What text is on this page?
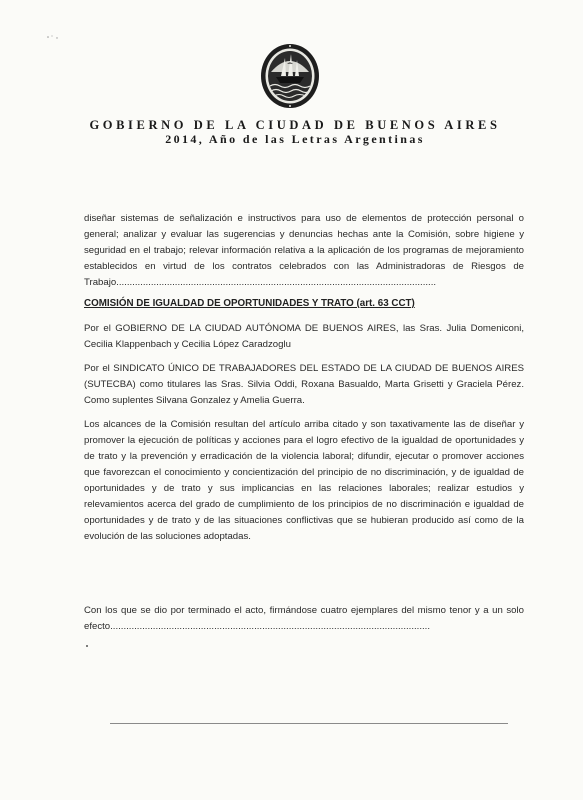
GOBIERNO DE LA CIUDAD DE BUENOS AIRES
2014, Año de las Letras Argentinas

diseñar sistemas de señalización e instructivos para uso de elementos de protección personal o general; analizar y evaluar las sugerencias y denuncias hechas ante la Comisión, sobre higiene y seguridad en el trabajo; relevar información relativa a la aplicación de los programas de mejoramiento establecidos en virtud de los contratos celebrados con las Administradoras de Riesgos de Trabajo........................................................................................................................

COMISIÓN DE IGUALDAD DE OPORTUNIDADES Y TRATO (art. 63 CCT)

Por el GOBIERNO DE LA CIUDAD AUTÓNOMA DE BUENOS AIRES, las Sras. Julia Domeniconi, Cecilia Klappenbach y Cecilia López Caradzoglu

Por el SINDICATO ÚNICO DE TRABAJADORES DEL ESTADO DE LA CIUDAD DE BUENOS AIRES (SUTECBA) como titulares las Sras. Silvia Oddi, Roxana Basualdo, Marta Grisetti y Graciela Pérez. Como suplentes Silvana Gonzalez y Amelia Guerra.

Los alcances de la Comisión resultan del artículo arriba citado y son taxativamente las de diseñar y promover la ejecución de políticas y acciones para el logro efectivo de la igualdad de oportunidades y de trato y la prevención y erradicación de la violencia laboral; difundir, ejecutar o promover acciones que favorezcan el conocimiento y concientización del principio de no discriminación, y de igualdad de oportunidades y de trato y sus implicancias en las relaciones laborales; realizar estudios y relevamientos acerca del grado de cumplimiento de los principios de no discriminación e igualdad de oportunidades y de trato y de las situaciones conflictivas que se hubieran producido así como de la evolución de las soluciones adoptadas.

Con los que se dio por terminado el acto, firmándose cuatro ejemplares del mismo tenor y a un solo efecto........................................................................................................................
